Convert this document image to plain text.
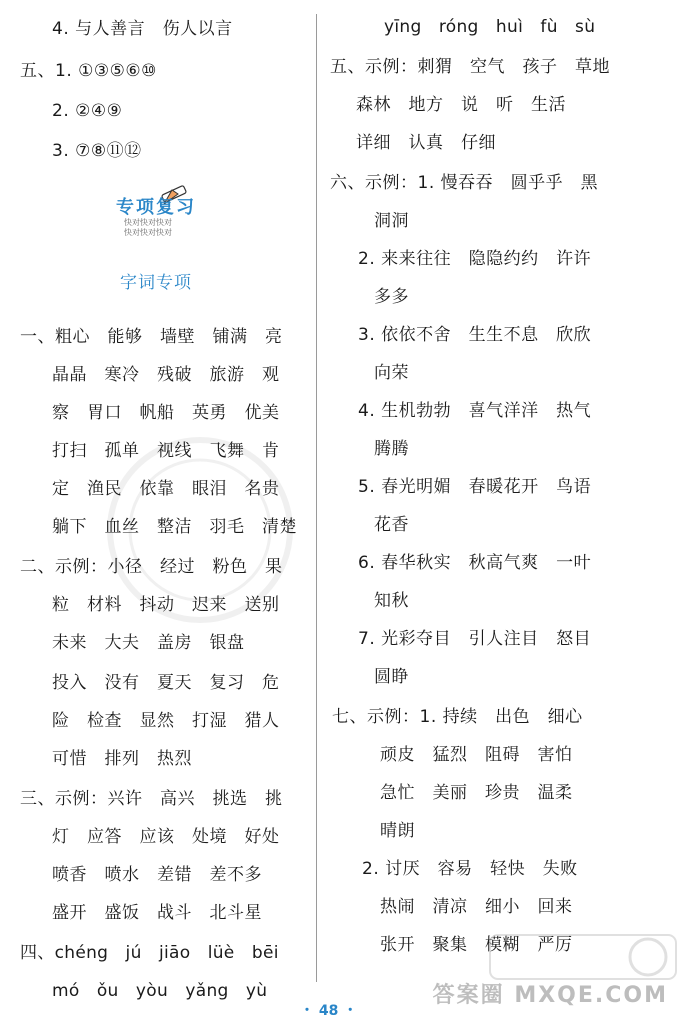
4. 与人善言　伤人以言
五、1. ①③⑤⑥⑩
2. ②④⑨
3. ⑦⑧⑪⑫
专项复习
快对快对快对
快对快对快对
字词专项
一、粗心　能够　墙壁　铺满　亮
晶晶　寒冷　残破　旅游　观
察　胃口　帆船　英勇　优美
打扫　孤单　视线　飞舞　肯
定　渔民　依靠　眼泪　名贵
躺下　血丝　整洁　羽毛　清楚
二、示例：小径　经过　粉色　果
粒　材料　抖动　迟来　送别
未来　大夫　盖房　银盘
投入　没有　夏天　复习　危
险　检查　显然　打湿　猎人
可惜　排列　热烈
三、示例：兴许　高兴　挑选　挑
灯　应答　应该　处境　好处
喷香　喷水　差错　差不多
盛开　盛饭　战斗　北斗星
四、chéng　jú　jiāo　lüè　bēi
mó　ǒu　yòu　yǎng　yù
yīng　róng　huì　fù　sù
五、示例：刺猬　空气　孩子　草地
森林　地方　说　听　生活
详细　认真　仔细
六、示例：1. 慢吞吞　圆乎乎　黑
洞洞
2. 来来往往　隐隐约约　许许
多多
3. 依依不舍　生生不息　欣欣
向荣
4. 生机勃勃　喜气洋洋　热气
腾腾
5. 春光明媚　春暖花开　鸟语
花香
6. 春华秋实　秋高气爽　一叶
知秋
7. 光彩夺目　引人注目　怒目
圆睁
七、示例：1. 持续　出色　细心
顽皮　猛烈　阻碍　害怕
急忙　美丽　珍贵　温柔
晴朗
2. 讨厌　容易　轻快　失败
热闹　清凉　细小　回来
张开　聚集　模糊　严厉
答案圈 MXQE.COM
・ 48 ・
